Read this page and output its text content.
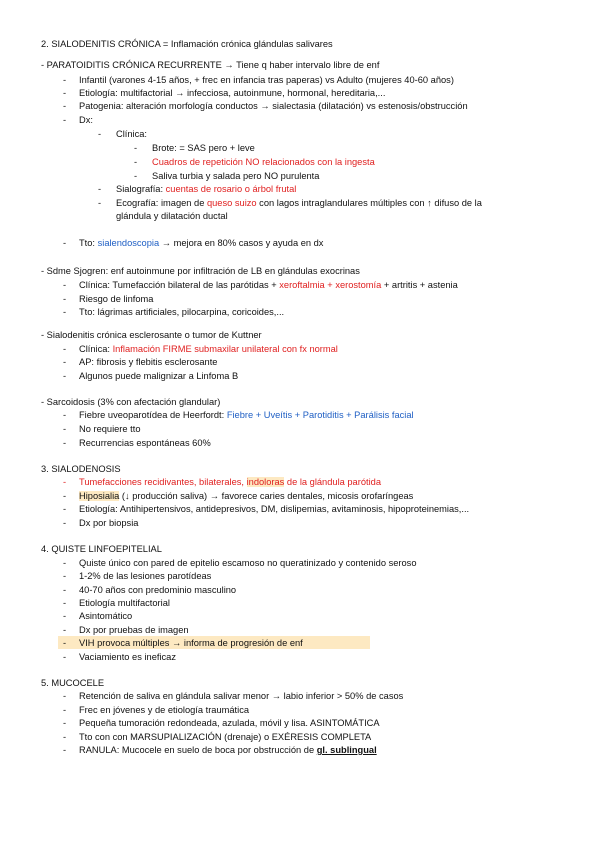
2. SIALODENITIS CRÓNICA = Inflamación crónica glándulas salivares
- PARATOIDITIS CRÓNICA RECURRENTE → Tiene q haber intervalo libre de enf
-	Infantil (varones 4-15 años, + frec en infancia tras paperas) vs Adulto (mujeres 40-60 años)
-	Etiología: multifactorial → infecciosa, autoinmune, hormonal, hereditaria,...
-	Patogenia: alteración morfología conductos → sialectasia (dilatación) vs estenosis/obstrucción
-	Dx:
-	Clínica:
-	Brote: = SAS pero + leve
-	Cuadros de repetición NO relacionados con la ingesta
-	Saliva turbia y salada pero NO purulenta
-	Sialografía: cuentas de rosario o árbol frutal
-	Ecografía: imagen de queso suizo con lagos intraglandulares múltiples con ↑ difuso de la
glándula y dilatación ductal
-	Tto: sialendoscopia → mejora en 80% casos y ayuda en dx
- Sdme Sjogren: enf autoinmune por infiltración de LB en glándulas exocrinas
-	Clínica: Tumefacción bilateral de las parótidas + xeroftalmia + xerostomía + artritis + astenia
-	Riesgo de linfoma
-	Tto: lágrimas artificiales, pilocarpina, coricoides,...
- Sialodenitis crónica esclerosante o tumor de Kuttner
-	Clínica: Inflamación FIRME submaxilar unilateral con fx normal
-	AP: fibrosis y flebitis esclerosante
-	Algunos puede malignizar a Linfoma B
- Sarcoidosis (3% con afectación glandular)
-	Fiebre uveoparotídea de Heerfordt: Fiebre + Uveítis + Parotiditis + Parálisis facial
-	No requiere tto
-	Recurrencias espontáneas 60%
3. SIALODENOSIS
-	Tumefacciones recidivantes, bilaterales, indoloras de la glándula parótida
-	Hiposialia (↓ producción saliva) → favorece caries dentales, micosis orofaríngeas
-	Etiología: Antihipertensivos, antidepresivos, DM, dislipemias, avitaminosis, hipoproteinemias,...
-	Dx por biopsia
4. QUISTE LINFOEPITELIAL
-	Quiste único con pared de epitelio escamoso no queratinizado y contenido seroso
-	1-2% de las lesiones parotídeas
-	40-70 años con predominio masculino
-	Etiología multifactorial
-	Asintomático
-	Dx por pruebas de imagen
-	VIH provoca múltiples → informa de progresión de enf
-	Vaciamiento es ineficaz
5. MUCOCELE
-	Retención de saliva en glándula salivar menor → labio inferior > 50% de casos
-	Frec en jóvenes y de etiología traumática
-	Pequeña tumoración redondeada, azulada, móvil y lisa. ASINTOMÁTICA
-	Tto con con MARSUPIALIZACIÓN (drenaje) o EXÉRESIS COMPLETA
-	RANULA: Mucocele en suelo de boca por obstrucción de gl. sublingual
